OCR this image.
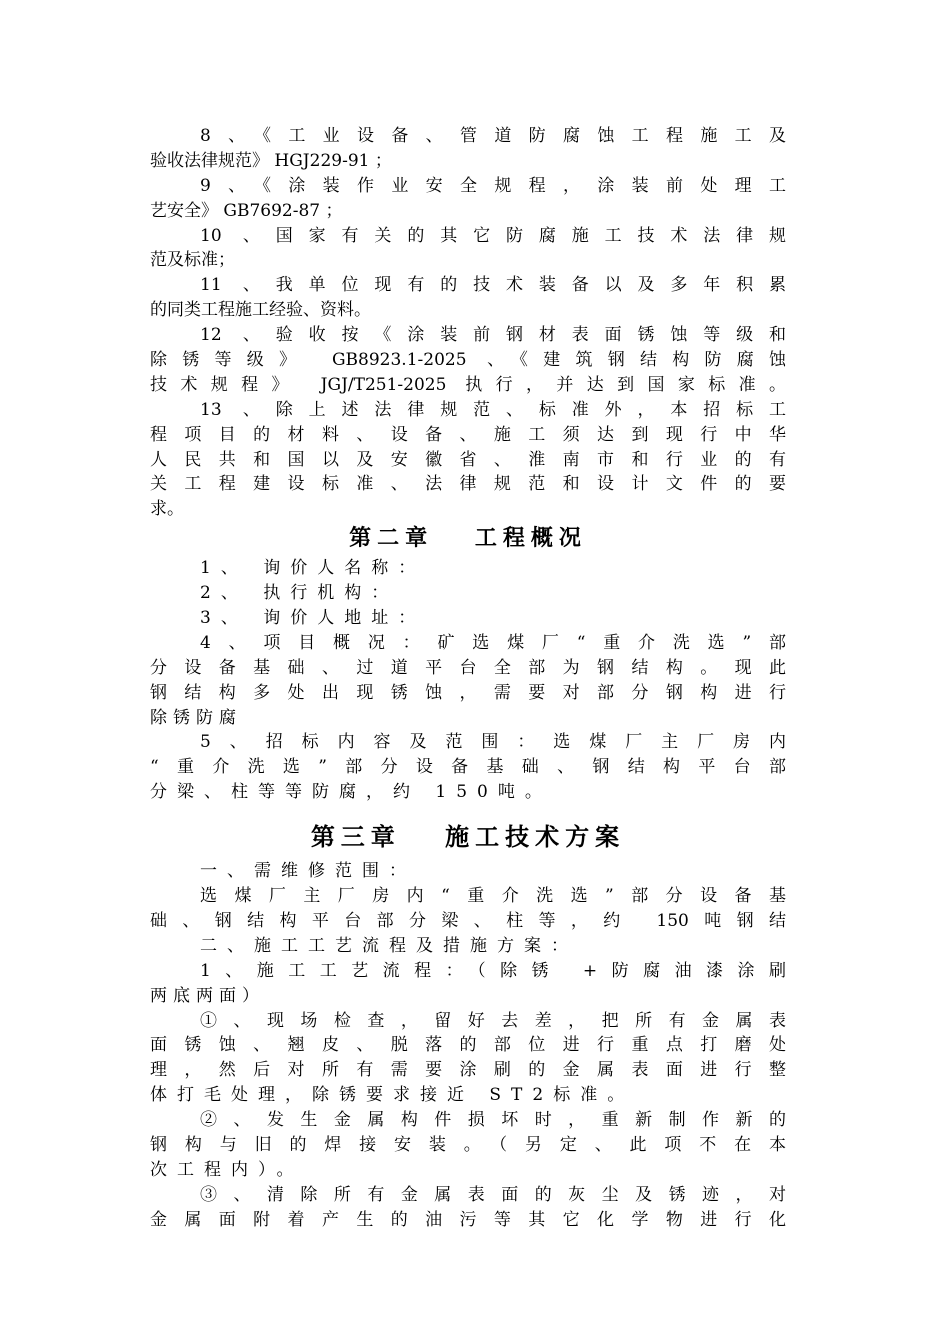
8、《工业设备、管道防腐蚀工程施工及
验收法律规范》 HGJ229-91 ；
9、《涂装作业安全规程，涂装前处理工
艺安全》 GB7692-87 ；
10 、国家有关的其它防腐施工技术法律规
范及标准；
11 、我单位现有的技术装备以及多年积累
的同类工程施工经验、资料。
12 、验收按《涂装前钢材表面锈蚀等级和
除锈等级》 GB8923.1-2025 、《建筑钢结构防腐蚀
技术规程》 JGJ/T251-2025 执行，并达到国家标准。
13 、除上述法律规范、标准外，本招标工
程项目的材料、设备、施工须达到现行中华
人民共和国以及安徽省、淮南市和行业的有
关工程建设标准、法律规范和设计文件的要
求。
第二章　 工程概况
1、 询价人名称：
2、 执行机构：
3、 询价人地址：
4、项目概况：矿选煤厂“重介洗选”部
分设备基础、过道平台全部为钢结构。现此
钢结构多处出现锈蚀，需要对部分钢构进行
除锈防腐
5、招标内容及范围：选煤厂主厂房内
“重介洗选”部分设备基础、钢结构平台部
分梁、柱等等防腐，约 150吨。
第三章　 施工技术方案
一、需维修范围：
选煤厂主厂房内“重介洗选”部分设备基
础、钢结构平台部分梁、柱等，约 150吨钢结
二、施工工艺流程及措施方案：
1、施工工艺流程：（除锈 +防腐油漆涂刷
两底两面）
①、现场检查，留好去差，把所有金属表
面锈蚀、翘皮、脱落的部位进行重点打磨处
理，然后对所有需要涂刷的金属表面进行整
体打毛处理，除锈要求接近 ST2标准。
②、发生金属构件损坏时，重新制作新的
钢构与旧的焊接安装。（另定、此项不在本
次工程内）。
③、清除所有金属表面的灰尘及锈迹，对
金属面附着产生的油污等其它化学物进行化
